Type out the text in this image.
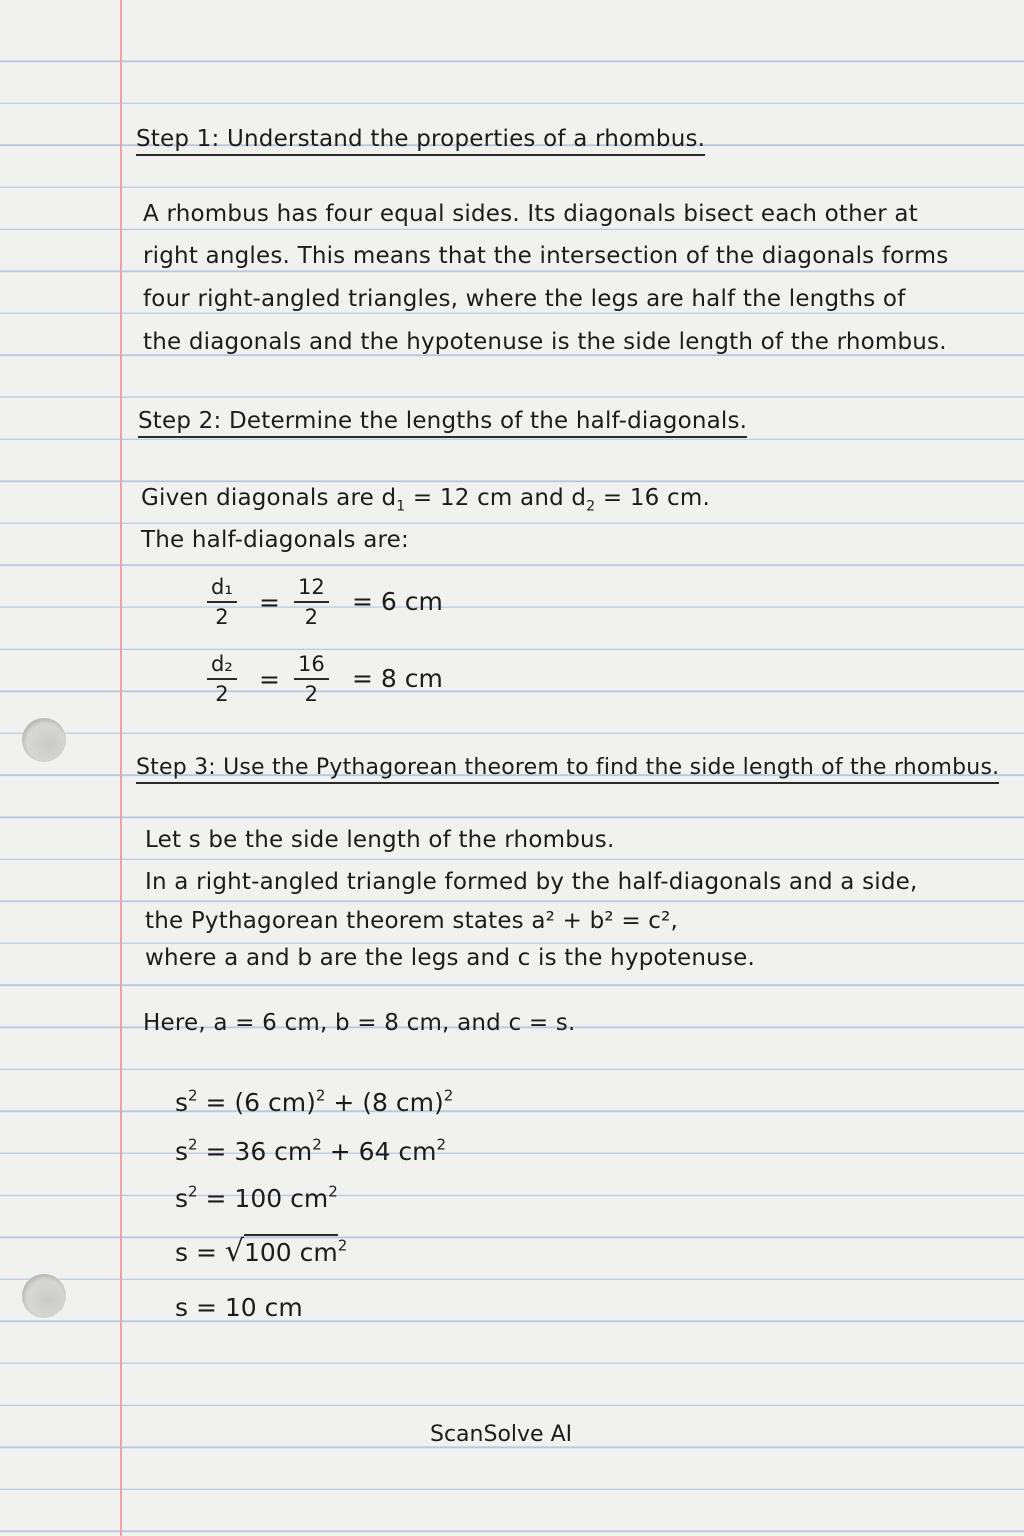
Step 1: Understand the properties of a rhombus.
A rhombus has four equal sides. Its diagonals bisect each other at
right angles. This means that the intersection of the diagonals forms
four right-angled triangles, where the legs are half the lengths of
the diagonals and the hypotenuse is the side length of the rhombus.
Step 2: Determine the lengths of the half-diagonals.
Given diagonals are $d_1 = 12$ cm and $d_2 = 16$ cm.
The half-diagonals are:
$\frac{\text{d₁}}{2} = \frac{12}{2} = 6$ cm
$\frac{\text{d₂}}{2} = \frac{16}{2} = 8$ cm
Step 3: Use the Pythagorean theorem to find the side length of the rhombus.
Let s be the side length of the rhombus.
In a right-angled triangle formed by the half-diagonals and a side,
the Pythagorean theorem states a² + b² = c²,
where a and b are the legs and c is the hypotenuse.
Here, a = 6 cm, b = 8 cm, and c = s.
$s^2 = (6$ cm)$^2$ + (8 cm)$^2$
$s^2 = 36$ $cm^2 + 64$ $cm^2$
$s^2 = 100$ $cm^2$
s = √100 $cm^2$
s = 10 cm
ScanSolve AI
